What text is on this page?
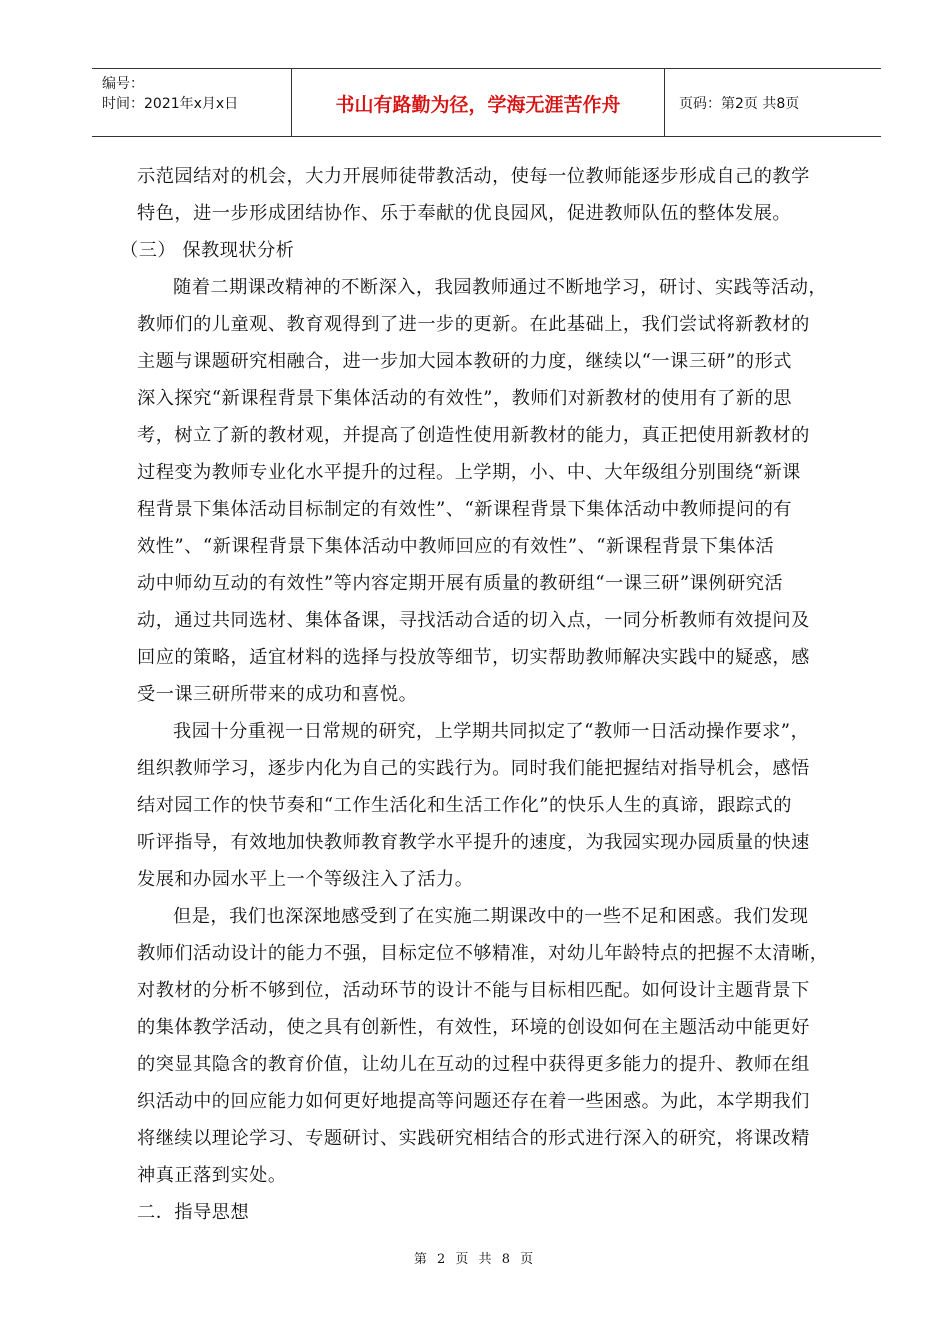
编号：
时间：2021年x月x日	书山有路勤为径，学海无涯苦作舟	页码：第2页 共8页
示范园结对的机会，大力开展师徒带教活动，使每一位教师能逐步形成自己的教学
特色，进一步形成团结协作、乐于奉献的优良园风，促进教师队伍的整体发展。
（三） 保教现状分析
随着二期课改精神的不断深入，我园教师通过不断地学习，研讨、实践等活动，
教师们的儿童观、教育观得到了进一步的更新。在此基础上，我们尝试将新教材的
主题与课题研究相融合，进一步加大园本教研的力度，继续以“一课三研”的形式
深入探究“新课程背景下集体活动的有效性”，教师们对新教材的使用有了新的思
考，树立了新的教材观，并提高了创造性使用新教材的能力，真正把使用新教材的
过程变为教师专业化水平提升的过程。上学期，小、中、大年级组分别围绕“新课
程背景下集体活动目标制定的有效性”、“新课程背景下集体活动中教师提问的有
效性”、“新课程背景下集体活动中教师回应的有效性”、“新课程背景下集体活
动中师幼互动的有效性”等内容定期开展有质量的教研组“一课三研”课例研究活
动，通过共同选材、集体备课，寻找活动合适的切入点，一同分析教师有效提问及
回应的策略，适宜材料的选择与投放等细节，切实帮助教师解决实践中的疑惑，感
受一课三研所带来的成功和喜悦。
我园十分重视一日常规的研究，上学期共同拟定了“教师一日活动操作要求”，
组织教师学习，逐步内化为自己的实践行为。同时我们能把握结对指导机会，感悟
结对园工作的快节奏和“工作生活化和生活工作化”的快乐人生的真谛，跟踪式的
听评指导，有效地加快教师教育教学水平提升的速度，为我园实现办园质量的快速
发展和办园水平上一个等级注入了活力。
但是，我们也深深地感受到了在实施二期课改中的一些不足和困惑。我们发现
教师们活动设计的能力不强，目标定位不够精准，对幼儿年龄特点的把握不太清晰，
对教材的分析不够到位，活动环节的设计不能与目标相匹配。如何设计主题背景下
的集体教学活动，使之具有创新性，有效性，环境的创设如何在主题活动中能更好
的突显其隐含的教育价值，让幼儿在互动的过程中获得更多能力的提升、教师在组
织活动中的回应能力如何更好地提高等问题还存在着一些困惑。为此，本学期我们
将继续以理论学习、专题研讨、实践研究相结合的形式进行深入的研究，将课改精
神真正落到实处。
二．指导思想
第 2 页 共 8 页
